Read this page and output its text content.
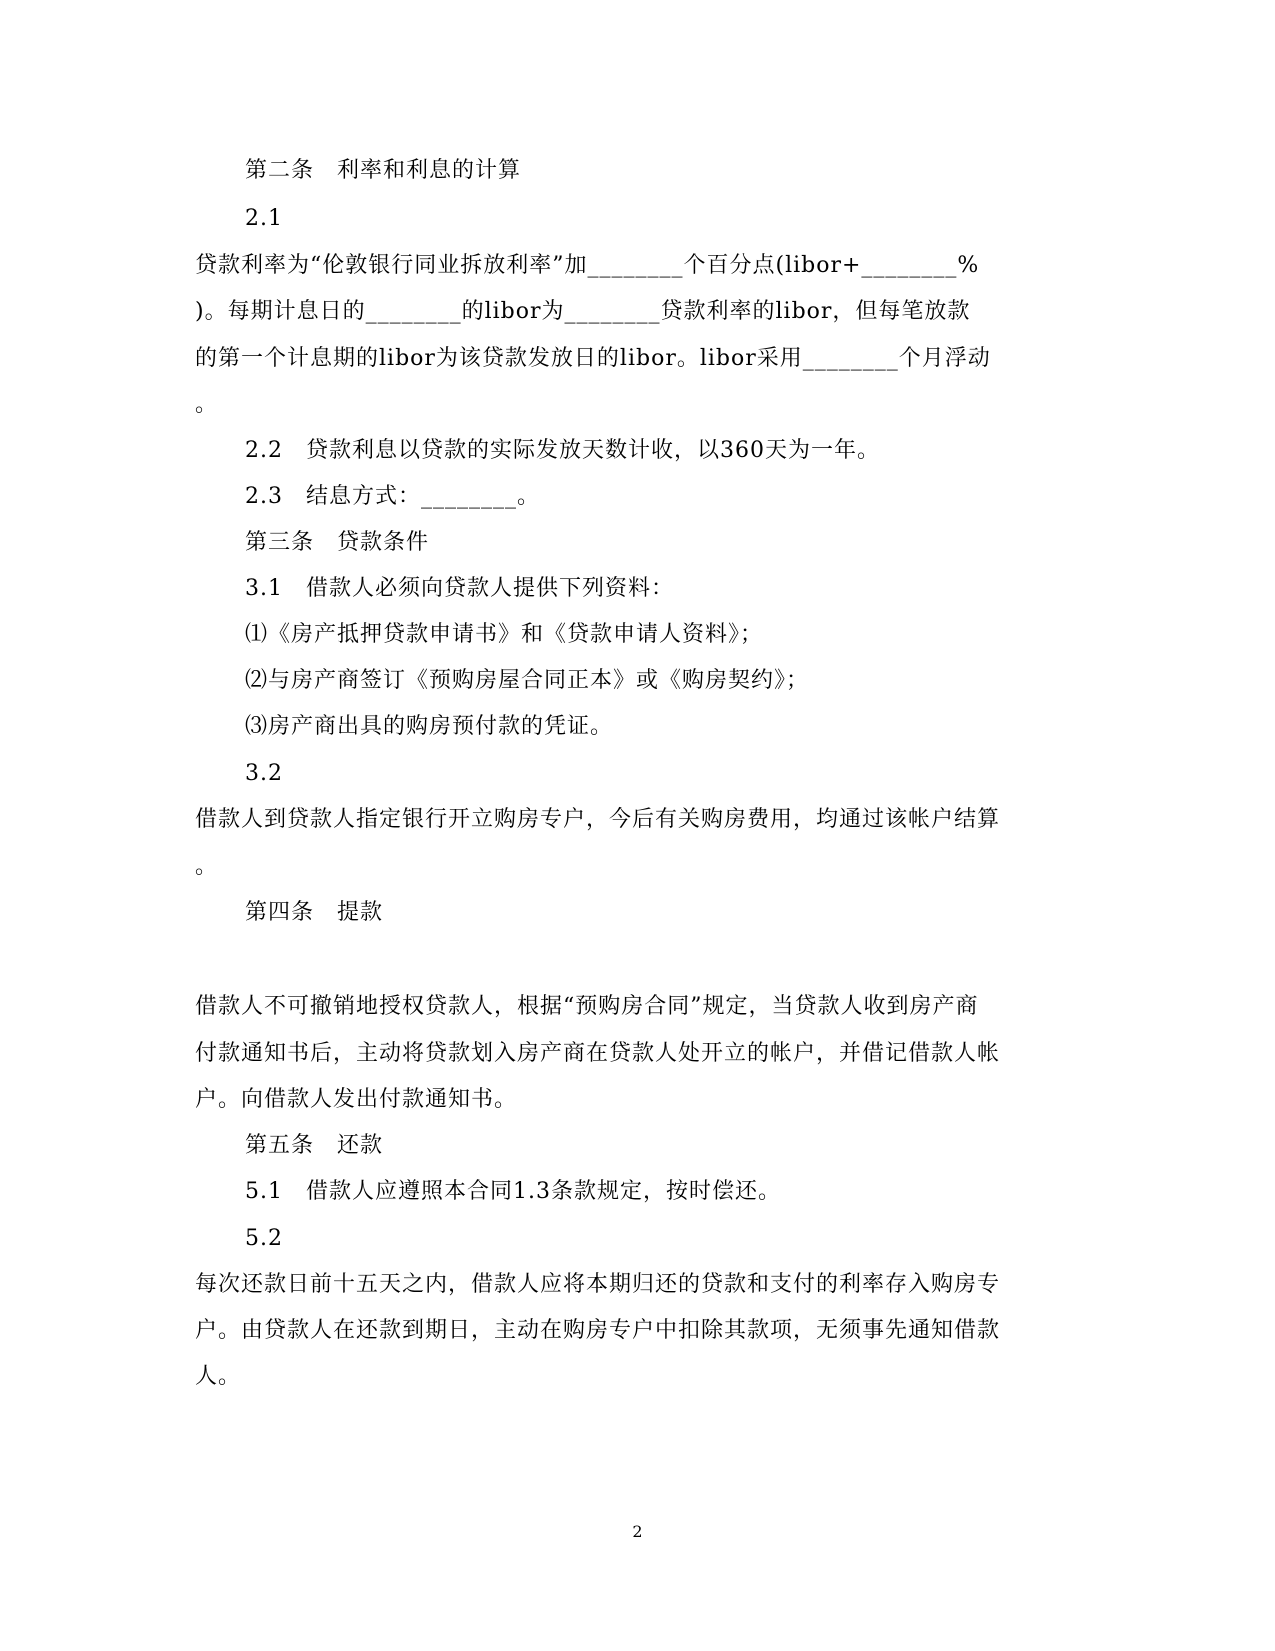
第二条　利率和利息的计算
2.1
贷款利率为“伦敦银行同业拆放利率”加________个百分点(libor+________%
)。每期计息日的________的libor为________贷款利率的libor，但每笔放款
的第一个计息期的libor为该贷款发放日的libor。libor采用________个月浮动
。
2.2　贷款利息以贷款的实际发放天数计收，以360天为一年。
2.3　结息方式：________。
第三条　贷款条件
3.1　借款人必须向贷款人提供下列资料：
⑴《房产抵押贷款申请书》和《贷款申请人资料》；
⑵与房产商签订《预购房屋合同正本》或《购房契约》；
⑶房产商出具的购房预付款的凭证。
3.2
借款人到贷款人指定银行开立购房专户，今后有关购房费用，均通过该帐户结算
。
第四条　提款
借款人不可撤销地授权贷款人，根据“预购房合同”规定，当贷款人收到房产商
付款通知书后，主动将贷款划入房产商在贷款人处开立的帐户，并借记借款人帐
户。向借款人发出付款通知书。
第五条　还款
5.1　借款人应遵照本合同1.3条款规定，按时偿还。
5.2
每次还款日前十五天之内，借款人应将本期归还的贷款和支付的利率存入购房专
户。由贷款人在还款到期日，主动在购房专户中扣除其款项，无须事先通知借款
人。
2
